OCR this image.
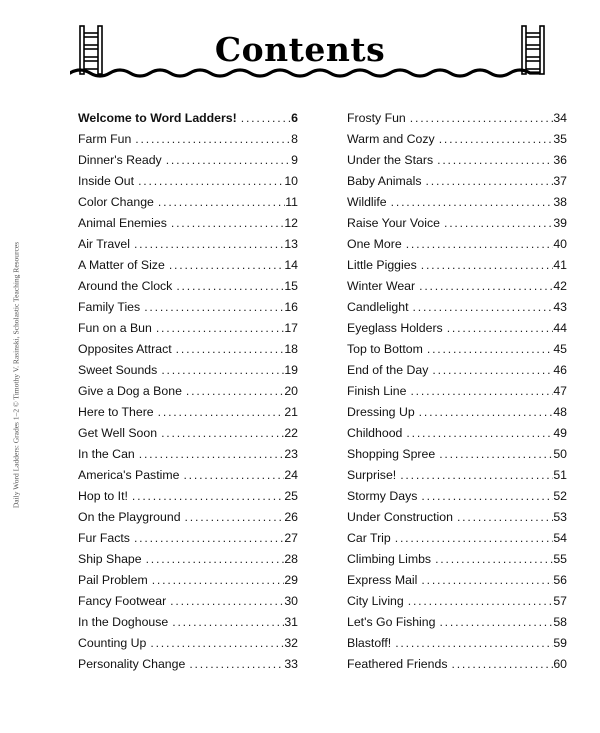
Contents
Daily Word Ladders: Grades 1–2 © Timothy V. Rasinski, Scholastic Teaching Resources
Welcome to Word Ladders! .....	6
Farm Fun .....	8
Dinner's Ready .....	9
Inside Out .....	10
Color Change .....	11
Animal Enemies .....	12
Air Travel .....	13
A Matter of Size .....	14
Around the Clock .....	15
Family Ties .....	16
Fun on a Bun .....	17
Opposites Attract .....	18
Sweet Sounds .....	19
Give a Dog a Bone .....	20
Here to There .....	21
Get Well Soon .....	22
In the Can .....	23
America's Pastime .....	24
Hop to It! .....	25
On the Playground .....	26
Fur Facts .....	27
Ship Shape .....	28
Pail Problem .....	29
Fancy Footwear .....	30
In the Doghouse .....	31
Counting Up .....	32
Personality Change .....	33
Frosty Fun .....	34
Warm and Cozy .....	35
Under the Stars .....	36
Baby Animals .....	37
Wildlife .....	38
Raise Your Voice .....	39
One More .....	40
Little Piggies .....	41
Winter Wear .....	42
Candlelight .....	43
Eyeglass Holders .....	44
Top to Bottom .....	45
End of the Day .....	46
Finish Line .....	47
Dressing Up .....	48
Childhood .....	49
Shopping Spree .....	50
Surprise! .....	51
Stormy Days .....	52
Under Construction .....	53
Car Trip .....	54
Climbing Limbs .....	55
Express Mail .....	56
City Living .....	57
Let's Go Fishing .....	58
Blastoff! .....	59
Feathered Friends .....	60
